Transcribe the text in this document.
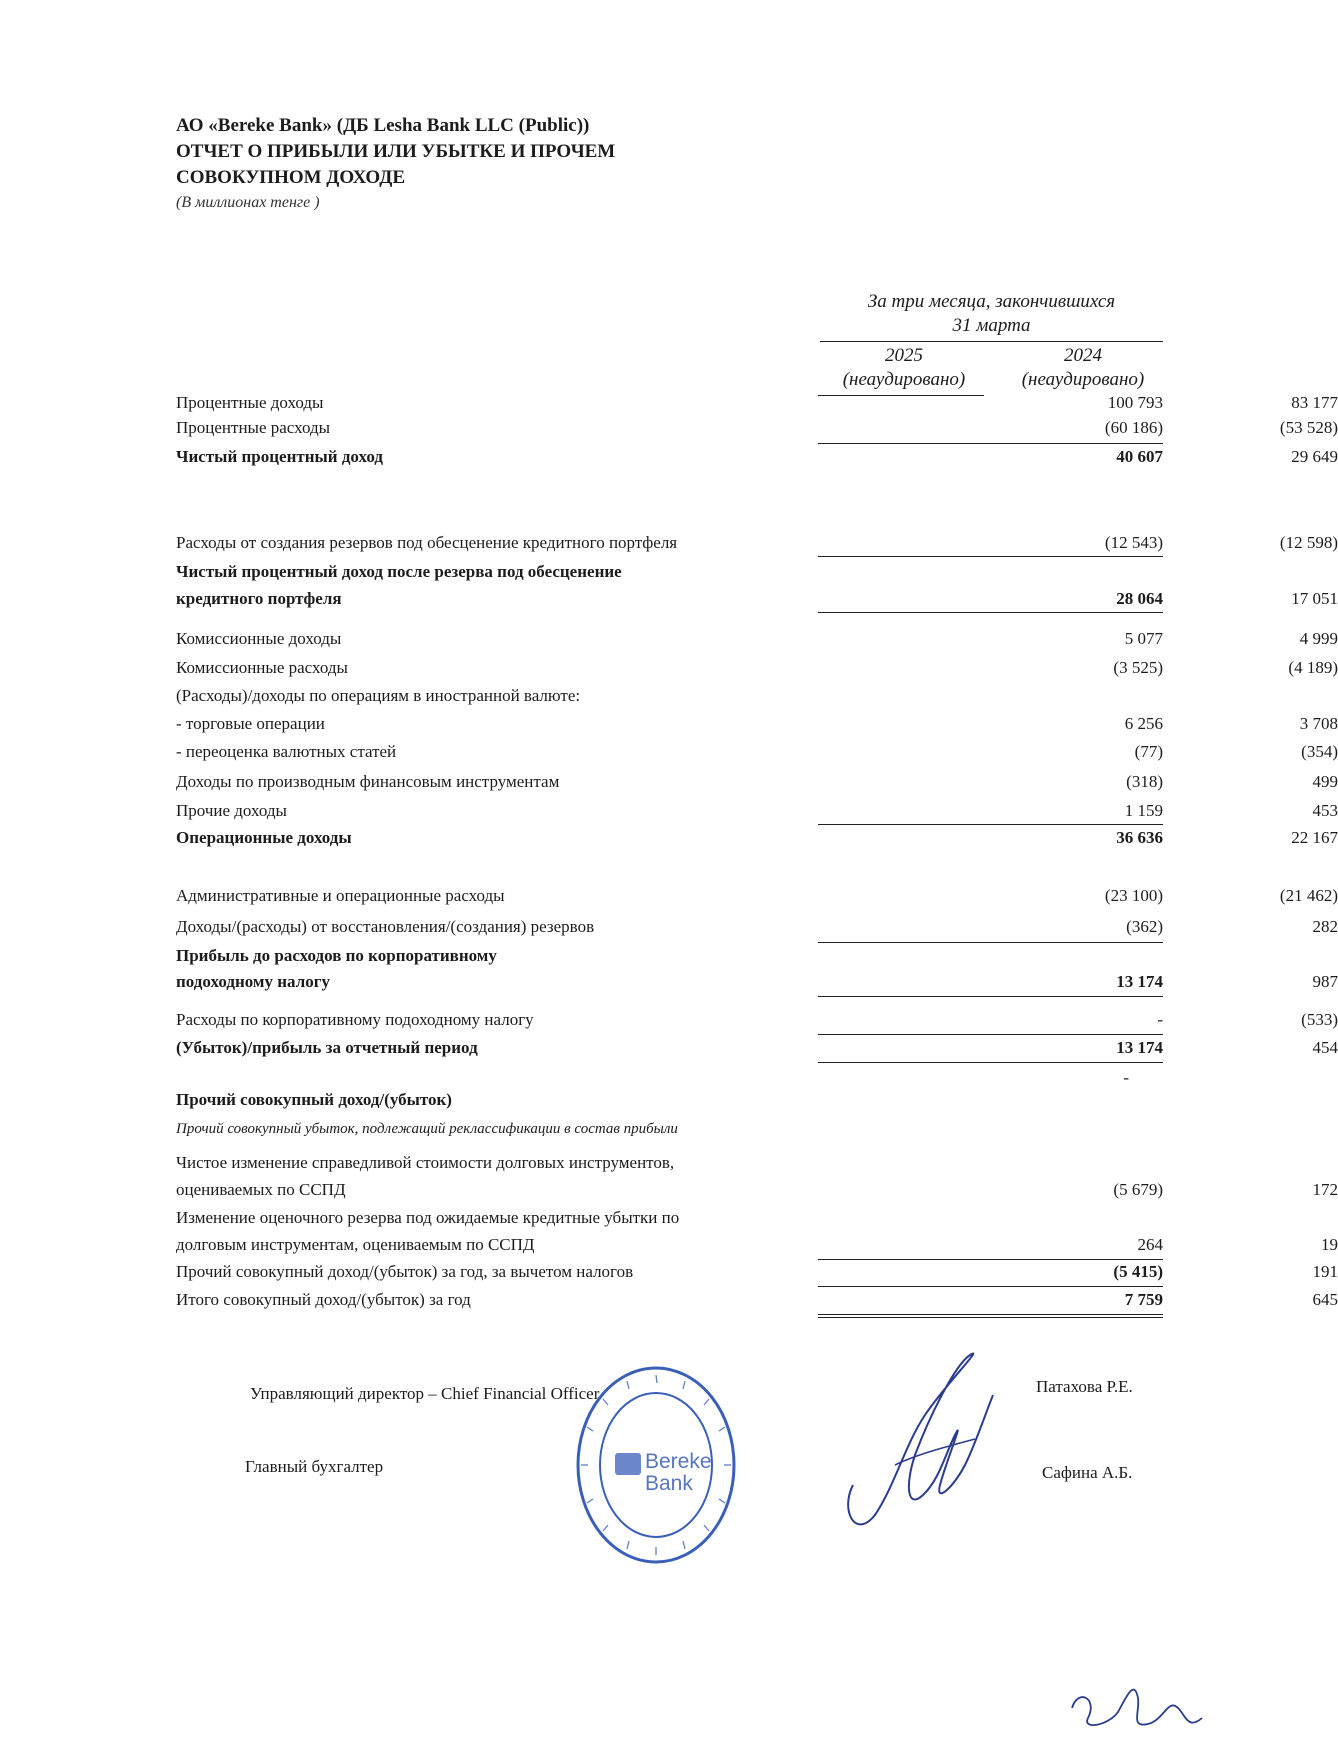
АО «Bereke Bank» (ДБ Lesha Bank LLC (Public))
ОТЧЕТ О ПРИБЫЛИ ИЛИ УБЫТКЕ И ПРОЧЕМ
СОВОКУПНОМ ДОХОДЕ
(В миллионах тенге )
За три месяца, закончившихся
31 марта
2025
(неаудировано)
2024
(неаудировано)
Процентные доходы	100 793	83 177
Процентные расходы	(60 186)	(53 528)
Чистый процентный доход	40 607	29 649
Расходы от создания резервов под обесценение кредитного портфеля	(12 543)	(12 598)
Чистый процентный доход после резерва под обесценение
кредитного портфеля	28 064	17 051
Комиссионные доходы	5 077	4 999
Комиссионные расходы	(3 525)	(4 189)
(Расходы)/доходы по операциям в иностранной валюте:
- торговые операции	6 256	3 708
- переоценка валютных статей	(77)	(354)
Доходы по производным финансовым инструментам	(318)	499
Прочие доходы	1 159	453
Операционные доходы	36 636	22 167
Административные и операционные расходы	(23 100)	(21 462)
Доходы/(расходы) от восстановления/(создания) резервов	(362)	282
Прибыль до расходов по корпоративному
подоходному налогу	13 174	987
Расходы по корпоративному подоходному налогу	-	(533)
(Убыток)/прибыль за отчетный период	13 174	454
Прочий совокупный доход/(убыток)
-
Прочий совокупный убыток, подлежащий реклассификации в состав прибыли
Чистое изменение справедливой стоимости долговых инструментов,
оцениваемых по ССПД	(5 679)	172
Изменение оценочного резерва под ожидаемые кредитные убытки по
долговым инструментам, оцениваемым по ССПД	264	19
Прочий совокупный доход/(убыток) за год, за вычетом налогов	(5 415)	191
Итого совокупный доход/(убыток) за год	7 759	645
Управляющий директор – Chief Financial Officer	Патахова Р.Е.
Главный бухгалтер	Сафина А.Б.
Bereke Bank
